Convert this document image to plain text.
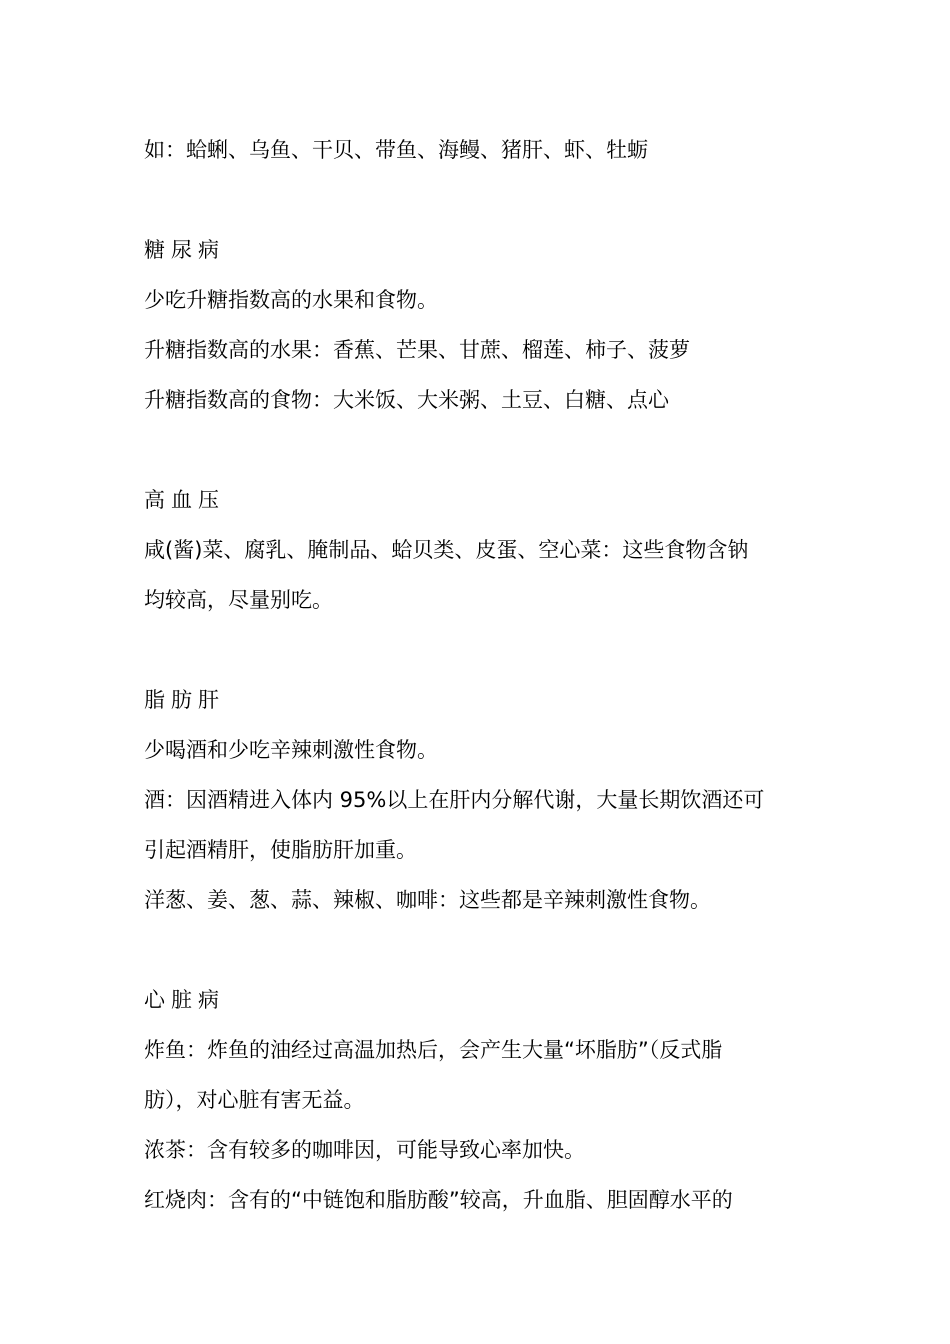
如：蛤蜊、乌鱼、干贝、带鱼、海鳗、猪肝、虾、牡蛎
糖尿病
少吃升糖指数高的水果和食物。
升糖指数高的水果：香蕉、芒果、甘蔗、榴莲、柿子、菠萝
升糖指数高的食物：大米饭、大米粥、土豆、白糖、点心
高血压
咸(酱)菜、腐乳、腌制品、蛤贝类、皮蛋、空心菜：这些食物含钠
均较高，尽量别吃。
脂肪肝
少喝酒和少吃辛辣刺激性食物。
酒：因酒精进入体内 95%以上在肝内分解代谢，大量长期饮酒还可
引起酒精肝，使脂肪肝加重。
洋葱、姜、葱、蒜、辣椒、咖啡：这些都是辛辣刺激性食物。
心脏病
炸鱼：炸鱼的油经过高温加热后，会产生大量“坏脂肪”（反式脂
肪），对心脏有害无益。
浓茶：含有较多的咖啡因，可能导致心率加快。
红烧肉：含有的“中链饱和脂肪酸”较高，升血脂、胆固醇水平的
